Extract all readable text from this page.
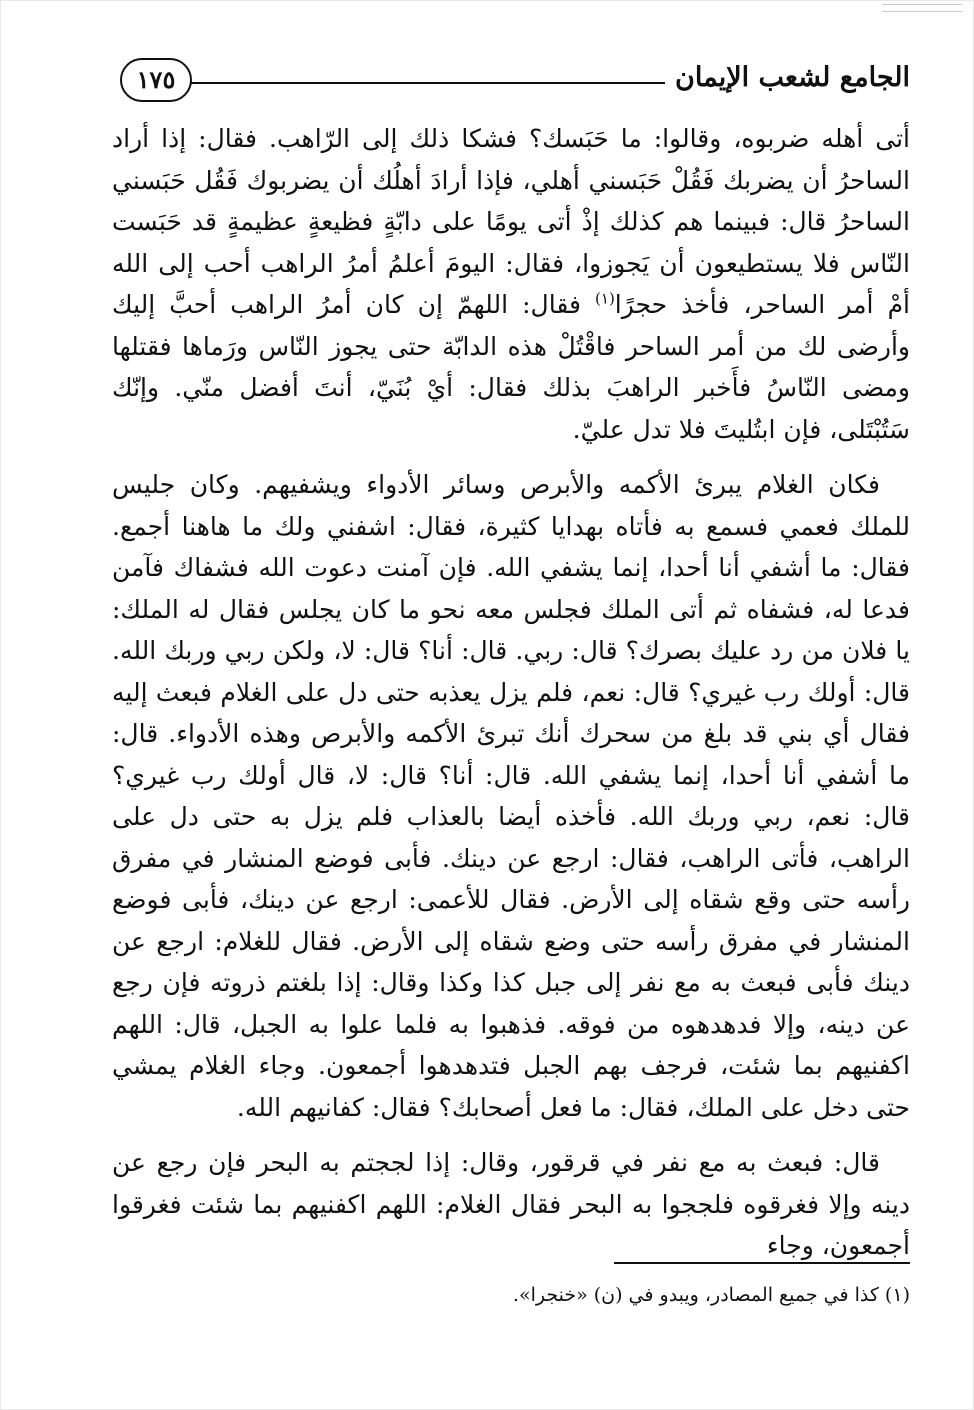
الجامع لشعب الإيمان
١٧٥

أتى أهله ضربوه، وقالوا: ما حَبَسك؟ فشكا ذلك إلى الرّاهب. فقال: إذا أراد الساحرُ أن يضربك فَقُلْ حَبَسني أهلي، فإذا أرادَ أهلُك أن يضربوك فَقُل حَبَسني الساحرُ قال: فبينما هم كذلك إذْ أتى يومًا على دابّةٍ فظيعةٍ عظيمةٍ قد حَبَست النّاس فلا يستطيعون أن يَجوزوا، فقال: اليومَ أعلمُ أمرُ الراهب أحب إلى الله أمْ أمر الساحر، فأخذ حجرًا$^{(١)}$ فقال: اللهمّ إن كان أمرُ الراهب أحبَّ إليك وأرضى لك من أمر الساحر فاقْتُلْ هذه الدابّة حتى يجوز النّاس ورَماها فقتلها ومضى النّاسُ فأَخبر الراهبَ بذلك فقال: أيْ بُنَيّ، أنتَ أفضل منّي. وإنّك سَتُبْتَلى، فإن ابتُليتَ فلا تدل عليّ.

فكان الغلام يبرئ الأكمه والأبرص وسائر الأدواء ويشفيهم. وكان جليس للملك فعمي فسمع به فأتاه بهدايا كثيرة، فقال: اشفني ولك ما هاهنا أجمع. فقال: ما أشفي أنا أحدا، إنما يشفي الله. فإن آمنت دعوت الله فشفاك فآمن فدعا له، فشفاه ثم أتى الملك فجلس معه نحو ما كان يجلس فقال له الملك: يا فلان من رد عليك بصرك؟ قال: ربي. قال: أنا؟ قال: لا، ولكن ربي وربك الله. قال: أولك رب غيري؟ قال: نعم، فلم يزل يعذبه حتى دل على الغلام فبعث إليه فقال أي بني قد بلغ من سحرك أنك تبرئ الأكمه والأبرص وهذه الأدواء. قال: ما أشفي أنا أحدا، إنما يشفي الله. قال: أنا؟ قال: لا، قال أولك رب غيري؟ قال: نعم، ربي وربك الله. فأخذه أيضا بالعذاب فلم يزل به حتى دل على الراهب، فأتى الراهب، فقال: ارجع عن دينك. فأبى فوضع المنشار في مفرق رأسه حتى وقع شقاه إلى الأرض. فقال للأعمى: ارجع عن دينك، فأبى فوضع المنشار في مفرق رأسه حتى وضع شقاه إلى الأرض. فقال للغلام: ارجع عن دينك فأبى فبعث به مع نفر إلى جبل كذا وكذا وقال: إذا بلغتم ذروته فإن رجع عن دينه، وإلا فدهدهوه من فوقه. فذهبوا به فلما علوا به الجبل، قال: اللهم اكفنيهم بما شئت، فرجف بهم الجبل فتدهدهوا أجمعون. وجاء الغلام يمشي حتى دخل على الملك، فقال: ما فعل أصحابك؟ فقال: كفانيهم الله.

قال: فبعث به مع نفر في قرقور، وقال: إذا لججتم به البحر فإن رجع عن دينه وإلا فغرقوه فلججوا به البحر فقال الغلام: اللهم اكفنيهم بما شئت فغرقوا أجمعون، وجاء

(١) كذا في جميع المصادر، ويبدو في (ن) «خنجرا».
